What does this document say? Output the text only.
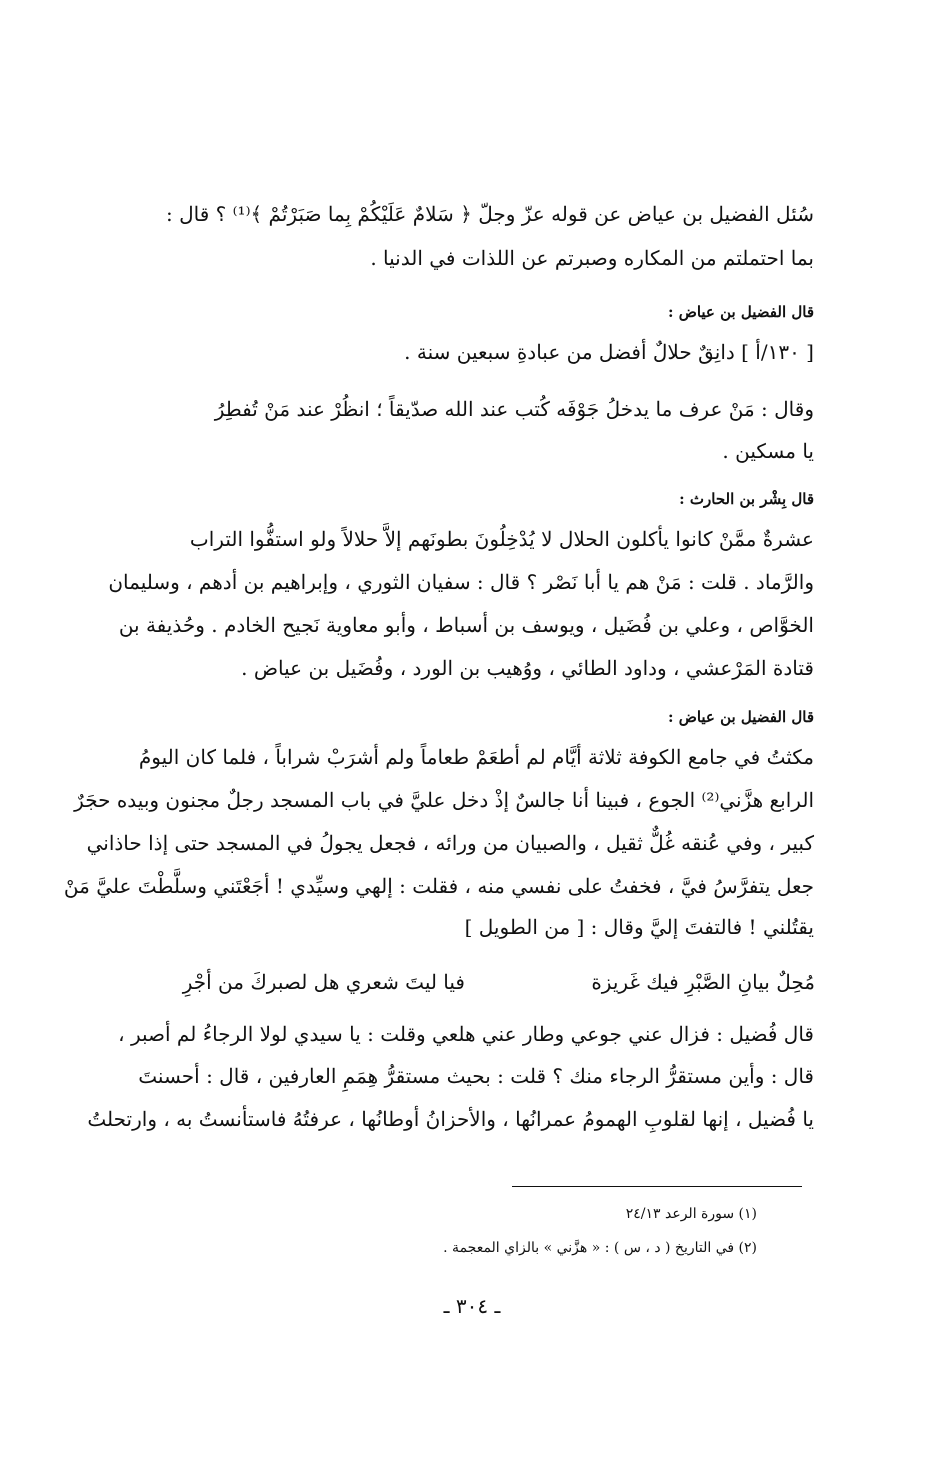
سُئل الفضيل بن عياض عن قوله عزّ وجلّ ﴿ سَلامٌ عَلَيْكُمْ بِما صَبَرْتُمْ ﴾⁽¹⁾ ؟ قال :
بما احتملتم من المكاره وصبرتم عن اللذات في الدنيا .
قال الفضيل بن عياض :
[ ١٣٠/أ ] دانِقٌ حلالٌ أفضل من عبادةِ سبعين سنة .
وقال : مَنْ عرف ما يدخلُ جَوْفَه كُتب عند الله صدّيقاً ؛ انظُرْ عند مَنْ تُفطِرُ
يا مسكين .
قال بِشْر بن الحارث :
عشرةٌ ممَّنْ كانوا يأكلون الحلال لا يُدْخِلُونَ بطونَهم إلاَّ حلالاً ولو استفُّوا التراب
والرَّماد . قلت : مَنْ هم يا أبا نَصْر ؟ قال : سفيان الثوري ، وإبراهيم بن أدهم ، وسليمان
الخوَّاص ، وعلي بن فُضَيل ، ويوسف بن أسباط ، وأبو معاوية نَجيح الخادم . وحُذيفة بن
قتادة المَرْعشي ، وداود الطائي ، ووُهيب بن الورد ، وفُضَيل بن عياض .
قال الفضيل بن عياض :
مكثتُ في جامع الكوفة ثلاثة أيَّام لم أطعَمْ طعاماً ولم أشرَبْ شراباً ، فلما كان اليومُ
الرابع هزَّني⁽²⁾ الجوع ، فبينا أنا جالسٌ إذْ دخل عليَّ في باب المسجد رجلٌ مجنون وبيده حجَرٌ
كبير ، وفي عُنقه غُلٌّ ثقيل ، والصبيان من ورائه ، فجعل يجولُ في المسجد حتى إذا حاذاني
جعل يتفرَّسُ فيَّ ، فخفتُ على نفسي منه ، فقلت : إلهي وسيِّدي ! أجَعْتَني وسلَّطْتَ عليَّ مَنْ
يقتُلني ! فالتفتَ إليَّ وقال : [ من الطويل ]
مُحِلٌ بيانِ الصَّبْرِ فيك غَريزة
فيا ليتَ شعري هل لصبركَ من أجْرِ
قال فُضيل : فزال عني جوعي وطار عني هلعي وقلت : يا سيدي لولا الرجاءُ لم أصبر ،
قال : وأين مستقرُّ الرجاء منك ؟ قلت : بحيث مستقرُّ هِمَمِ العارفين ، قال : أحسنتَ
يا فُضيل ، إنها لقلوبِ الهمومُ عمرانُها ، والأحزانُ أوطانُها ، عرفتُهُ فاستأنستُ به ، وارتحلتُ
(١) سورة الرعد ٢٤/١٣
(٢) في التاريخ ( د ، س ) : « هزَّني » بالزاي المعجمة .
ـ ٣٠٤ ـ
